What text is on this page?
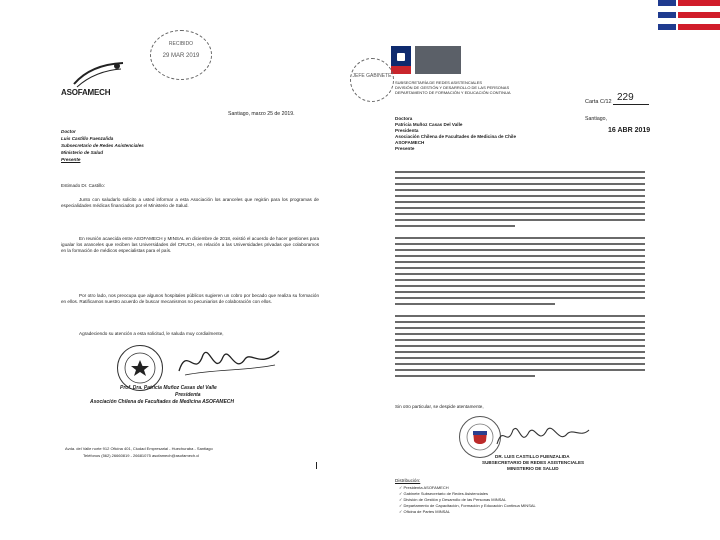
ASOFAMECH
RECIBIDO
29 MAR 2019
Santiago, marzo 25 de 2019.
Doctor
Luis Castillo Fuenzalida
Subsecretario de Redes Asistenciales
Ministerio de Salud
Presente
Estimado Dr. Castillo:
Junto con saludarlo solicito a usted informar a esta Asociación los aranceles que regirán para los programas de especialidades médicas financiados por el Ministerio de Salud.
En reunión acaecida entre ASOFAMECH y MINSAL en diciembre de 2018, existió el acuerdo de hacer gestiones para igualar los aranceles que reciben las Universidades del CRUCH, en relación a las Universidades privadas que colaboramos en la formación de médicos especialistas para el país.
Por otro lado, nos preocupa que algunos hospitales públicos sugieren un cobro por becado que realiza su formación en ellos. Ratificamos nuestro acuerdo de buscar mecanismos no pecuniarios de colaboración con ellos.
Agradeciendo su atención a esta solicitud, le saluda muy cordialmente,
Prof. Dra. Patricia Muñoz Casas del Valle
Presidenta
Asociación Chilena de Facultades de Medicina ASOFAMECH
Avda. del Valle norte 912 Oficina 401, Ciudad Empresarial - Huechuraba - Santiago
Teléfonos (562) 26660819 - 26681075 asofamech@asofamech.cl
JEFE GABINETE
SUBSECRETARÍA DE REDES ASISTENCIALES
DIVISIÓN DE GESTIÓN Y DESARROLLO DE LAS PERSONAS
DEPARTAMENTO DE FORMACIÓN Y EDUCACIÓN CONTINUA
Carta C/12 229
Doctora
Patricia Muñoz Casas Del Valle
Presidenta
Asociación Chilena de Facultades de Medicina de Chile
ASOFAMECH
Presente
Santiago,
16 ABR 2019
Sin otro particular, se despide atentamente,
DR. LUIS CASTILLO FUENZALIDA
SUBSECRETARIO DE REDES ASISTENCIALES
MINISTERIO DE SALUD
Distribución:
✓ Presidenta ASOFAMECH
✓ Gabinete Subsecretario de Redes Asistenciales
✓ División de Gestión y Desarrollo de las Personas MINSAL
✓ Departamento de Capacitación, Formación y Educación Continua MINSAL
✓ Oficina de Partes MINSAL
